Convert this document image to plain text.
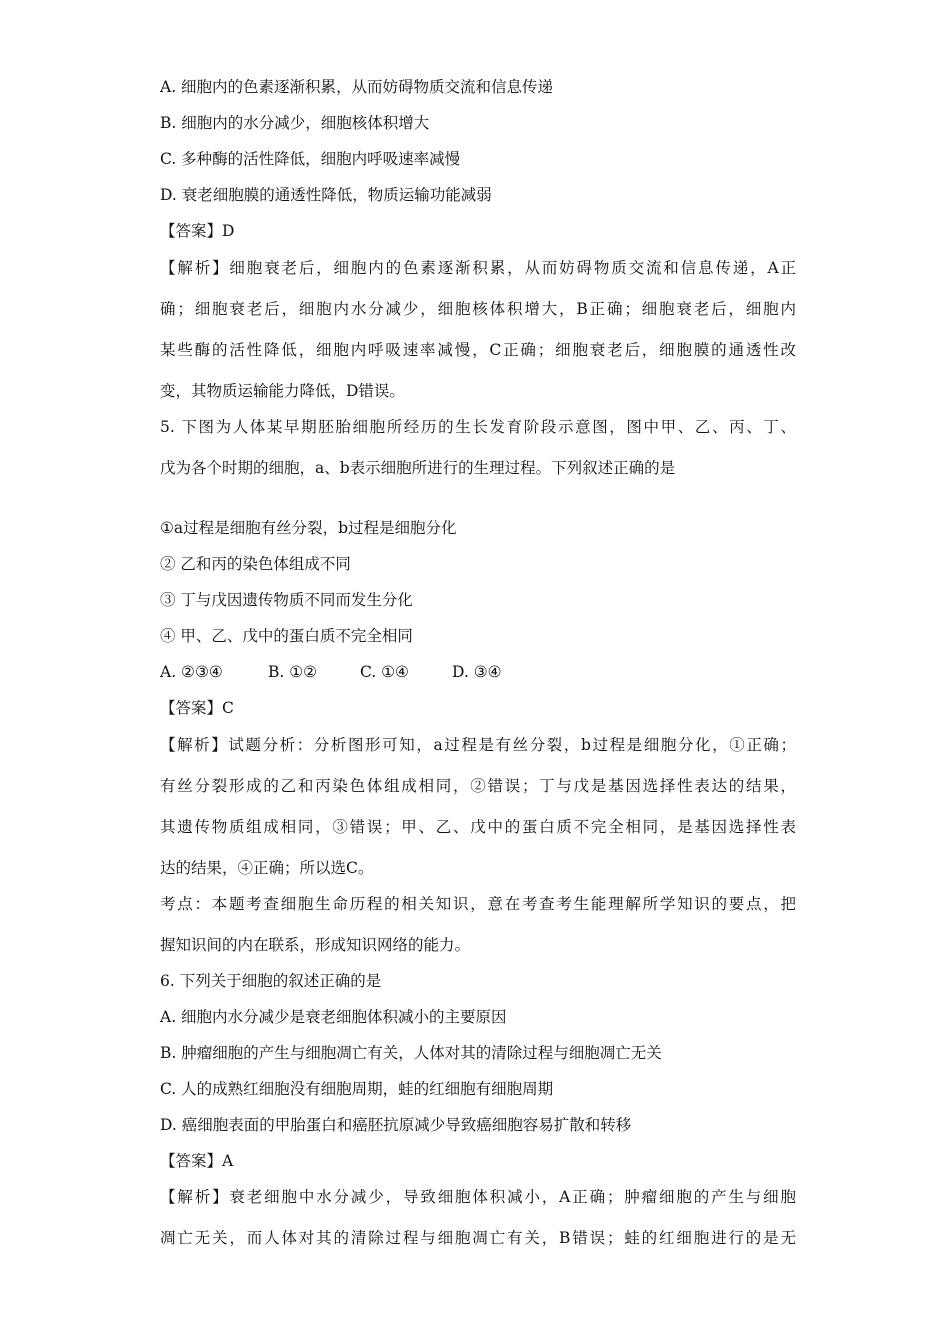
A. 细胞内的色素逐渐积累，从而妨碍物质交流和信息传递
B. 细胞内的水分减少，细胞核体积增大
C. 多种酶的活性降低，细胞内呼吸速率减慢
D. 衰老细胞膜的通透性降低，物质运输功能减弱
【答案】D
【解析】细胞衰老后，细胞内的色素逐渐积累，从而妨碍物质交流和信息传递，A正
确；细胞衰老后，细胞内水分减少，细胞核体积增大，B正确；细胞衰老后，细胞内
某些酶的活性降低，细胞内呼吸速率减慢，C正确；细胞衰老后，细胞膜的通透性改
变，其物质运输能力降低，D错误。
5. 下图为人体某早期胚胎细胞所经历的生长发育阶段示意图，图中甲、乙、丙、丁、
戊为各个时期的细胞，a、b表示细胞所进行的生理过程。下列叙述正确的是
①a过程是细胞有丝分裂，b过程是细胞分化
② 乙和丙的染色体组成不同
③ 丁与戊因遗传物质不同而发生分化
④ 甲、乙、戊中的蛋白质不完全相同
A. ②③④	B. ①②	C. ①④	D. ③④
【答案】C
【解析】试题分析：分析图形可知，a过程是有丝分裂，b过程是细胞分化，①正确；
有丝分裂形成的乙和丙染色体组成相同，②错误；丁与戊是基因选择性表达的结果，
其遗传物质组成相同，③错误；甲、乙、戊中的蛋白质不完全相同，是基因选择性表
达的结果，④正确；所以选C。
考点：本题考查细胞生命历程的相关知识，意在考查考生能理解所学知识的要点，把
握知识间的内在联系，形成知识网络的能力。
6. 下列关于细胞的叙述正确的是
A. 细胞内水分减少是衰老细胞体积减小的主要原因
B. 肿瘤细胞的产生与细胞凋亡有关，人体对其的清除过程与细胞凋亡无关
C. 人的成熟红细胞没有细胞周期，蛙的红细胞有细胞周期
D. 癌细胞表面的甲胎蛋白和癌胚抗原减少导致癌细胞容易扩散和转移
【答案】A
【解析】衰老细胞中水分减少，导致细胞体积减小，A正确；肿瘤细胞的产生与细胞
凋亡无关，而人体对其的清除过程与细胞凋亡有关，B错误；蛙的红细胞进行的是无
